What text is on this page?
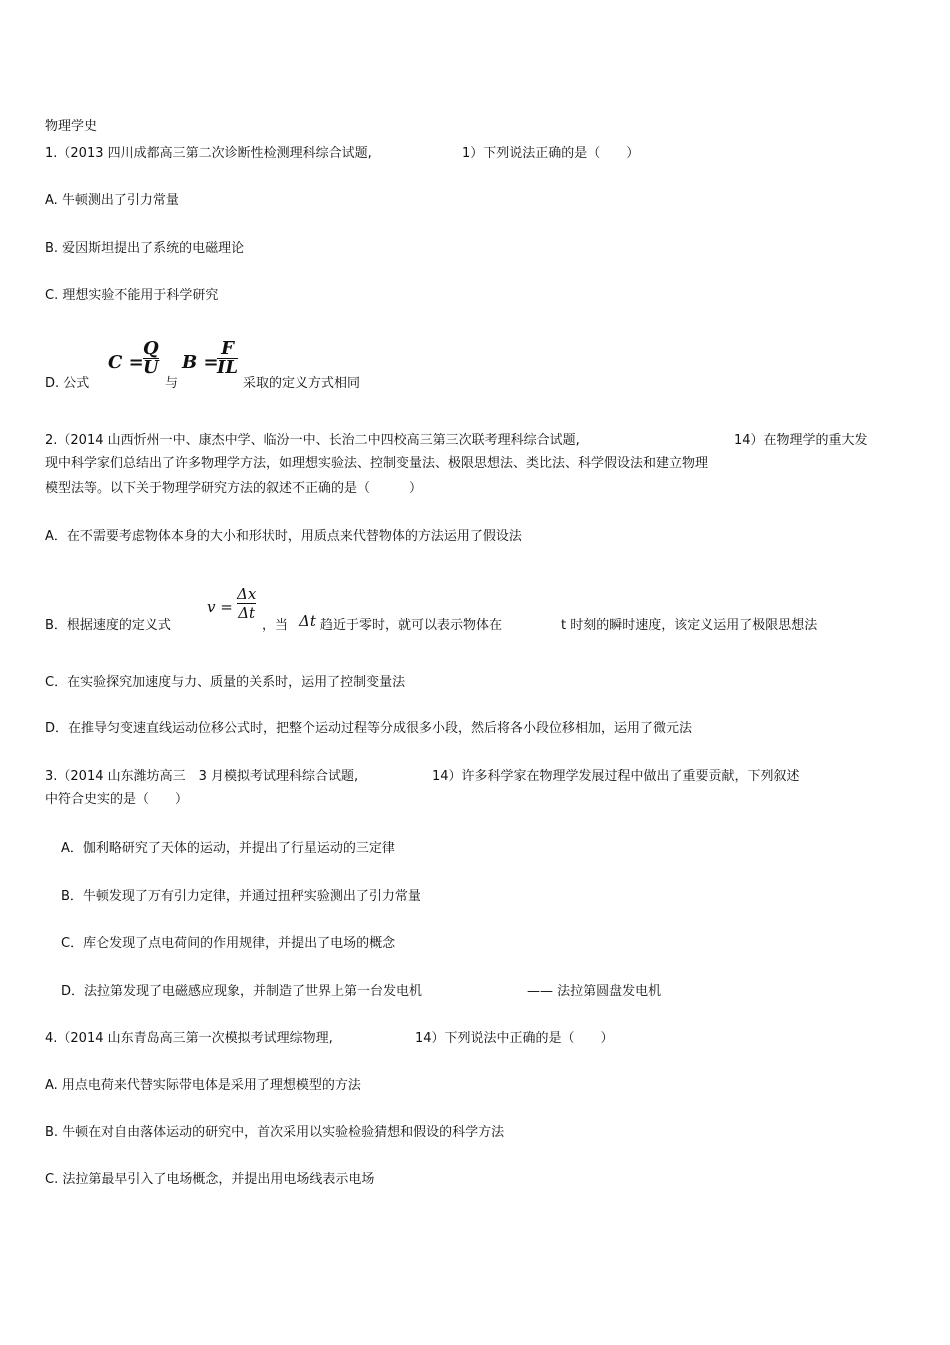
物理学史
1.（2013 四川成都高三第二次诊断性检测理科综合试题,	1）下列说法正确的是（　　）
A. 牛顿测出了引力常量
B. 爱因斯坦提出了系统的电磁理论
C. 理想实验不能用于科学研究
D. 公式
C =
Q
U
与
B =
F
IL
采取的定义方式相同
2.（2014 山西忻州一中、康杰中学、临汾一中、长治二中四校高三第三次联考理科综合试题,	14）在物理学的重大发
现中科学家们总结出了许多物理学方法，如理想实验法、控制变量法、极限思想法、类比法、科学假设法和建立物理
模型法等。以下关于物理学研究方法的叙述不正确的是（　　　）
A．在不需要考虑物体本身的大小和形状时，用质点来代替物体的方法运用了假设法
B．根据速度的定义式
v =
Δx
Δt
，当 Δt 趋近于零时，就可以表示物体在	t 时刻的瞬时速度，该定义运用了极限思想法
C．在实验探究加速度与力、质量的关系时，运用了控制变量法
D．在推导匀变速直线运动位移公式时，把整个运动过程等分成很多小段，然后将各小段位移相加，运用了微元法
3.（2014 山东潍坊高三　3 月模拟考试理科综合试题,	14）许多科学家在物理学发展过程中做出了重要贡献，下列叙述
中符合史实的是（　　）
A．伽利略研究了天体的运动，并提出了行星运动的三定律
B．牛顿发现了万有引力定律，并通过扭秤实验测出了引力常量
C．库仑发现了点电荷间的作用规律，并提出了电场的概念
D．法拉第发现了电磁感应现象，并制造了世界上第一台发电机	—— 法拉第圆盘发电机
4.（2014 山东青岛高三第一次模拟考试理综物理,	14）下列说法中正确的是（　　）
A. 用点电荷来代替实际带电体是采用了理想模型的方法
B. 牛顿在对自由落体运动的研究中，首次采用以实验检验猜想和假设的科学方法
C. 法拉第最早引入了电场概念，并提出用电场线表示电场
